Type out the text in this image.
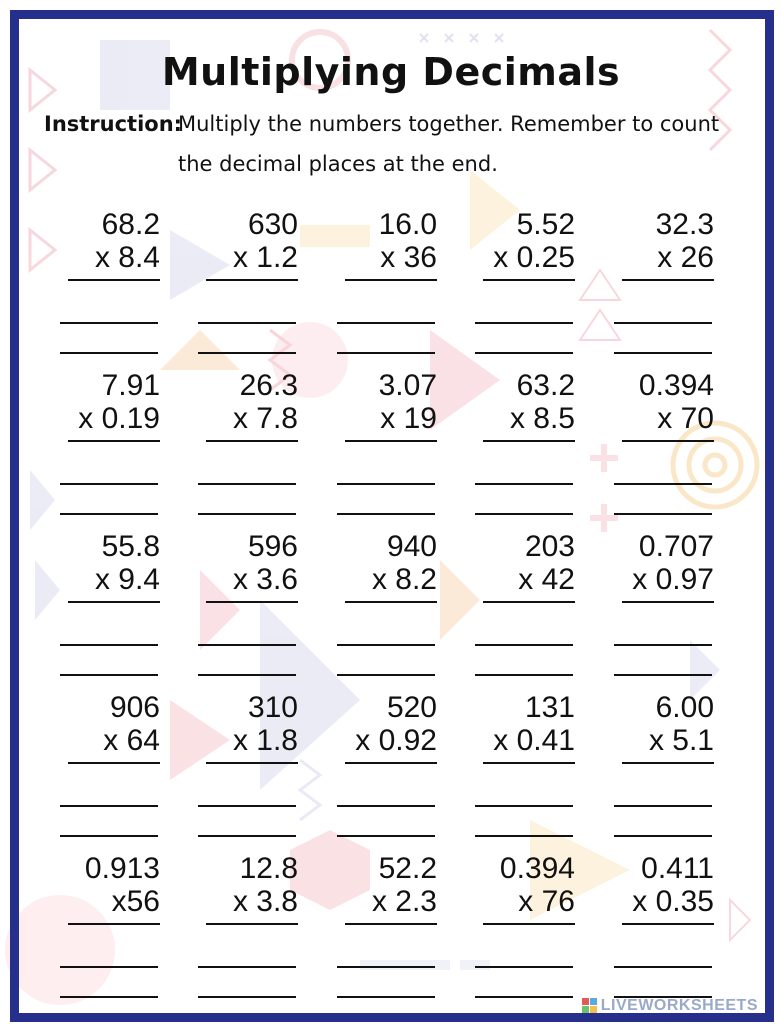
Multiplying Decimals
Instruction:
Multiply the numbers together. Remember to count the decimal places at the end.
68.2
x 8.4
630
x 1.2
16.0
x 36
5.52
x 0.25
32.3
x 26
7.91
x 0.19
26.3
x 7.8
3.07
x 19
63.2
x 8.5
0.394
x 70
55.8
x 9.4
596
x 3.6
940
x 8.2
203
x 42
0.707
x 0.97
906
x 64
310
x 1.8
520
x 0.92
131
x 0.41
6.00
x 5.1
0.913
x56
12.8
x 3.8
52.2
x 2.3
0.394
x 76
0.411
x 0.35
LIVEWORKSHEETS
